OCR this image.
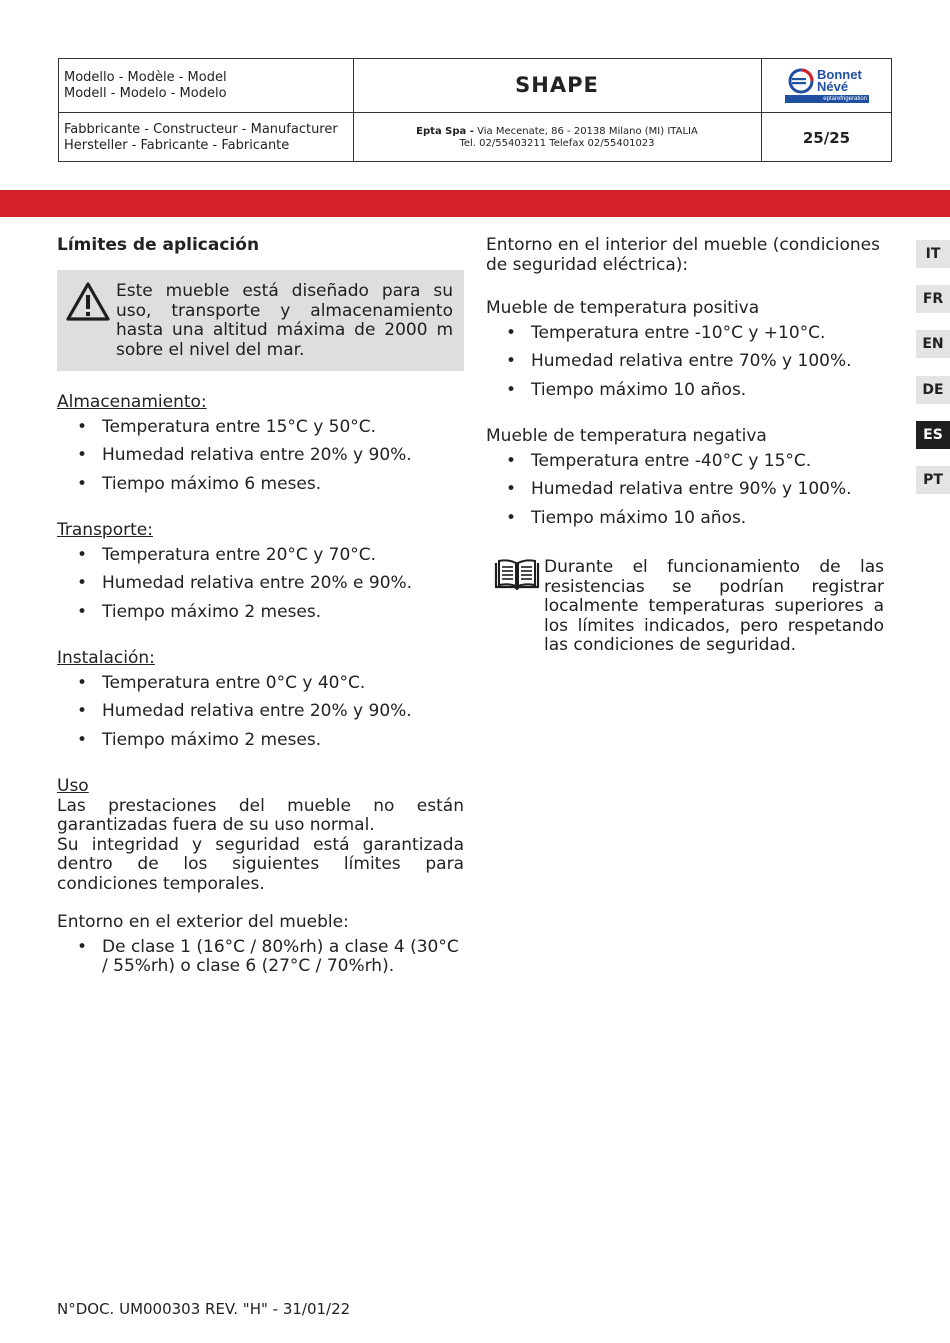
Modello - Modèle - Model
Modell - Modelo - Modelo	SHAPE	Bonnet
Névé
eptarefrigeration
Fabbricante - Constructeur - Manufacturer
Hersteller - Fabricante - Fabricante
Epta Spa - Via Mecenate, 86 - 20138 Milano (MI) ITALIA
Tel. 02/55403211 Telefax 02/55401023	25/25
IT
FR
EN
DE
ES
PT
Límites de aplicación
Este mueble está diseñado para su uso, transporte y almacenamiento hasta una altitud máxima de 2000 m sobre el nivel del mar.
Almacenamiento:
• Temperatura entre 15°C y 50°C.
• Humedad relativa entre 20% y 90%.
• Tiempo máximo 6 meses.
Transporte:
• Temperatura entre 20°C y 70°C.
• Humedad relativa entre 20% e 90%.
• Tiempo máximo 2 meses.
Instalación:
• Temperatura entre 0°C y 40°C.
• Humedad relativa entre 20% y 90%.
• Tiempo máximo 2 meses.
Uso
Las prestaciones del mueble no están garantizadas fuera de su uso normal.
Su integridad y seguridad está garantizada dentro de los siguientes límites para condiciones temporales.
Entorno en el exterior del mueble:
• De clase 1 (16°C / 80%rh) a clase 4 (30°C / 55%rh) o clase 6 (27°C / 70%rh).
Entorno en el interior del mueble (condiciones de seguridad eléctrica):
Mueble de temperatura positiva
• Temperatura entre -10°C y +10°C.
• Humedad relativa entre 70% y 100%.
• Tiempo máximo 10 años.
Mueble de temperatura negativa
• Temperatura entre -40°C y 15°C.
• Humedad relativa entre 90% y 100%.
• Tiempo máximo 10 años.
Durante el funcionamiento de las resistencias se podrían registrar localmente temperaturas superiores a los límites indicados, pero respetando las condiciones de seguridad.
N°DOC. UM000303 REV. "H" - 31/01/22
